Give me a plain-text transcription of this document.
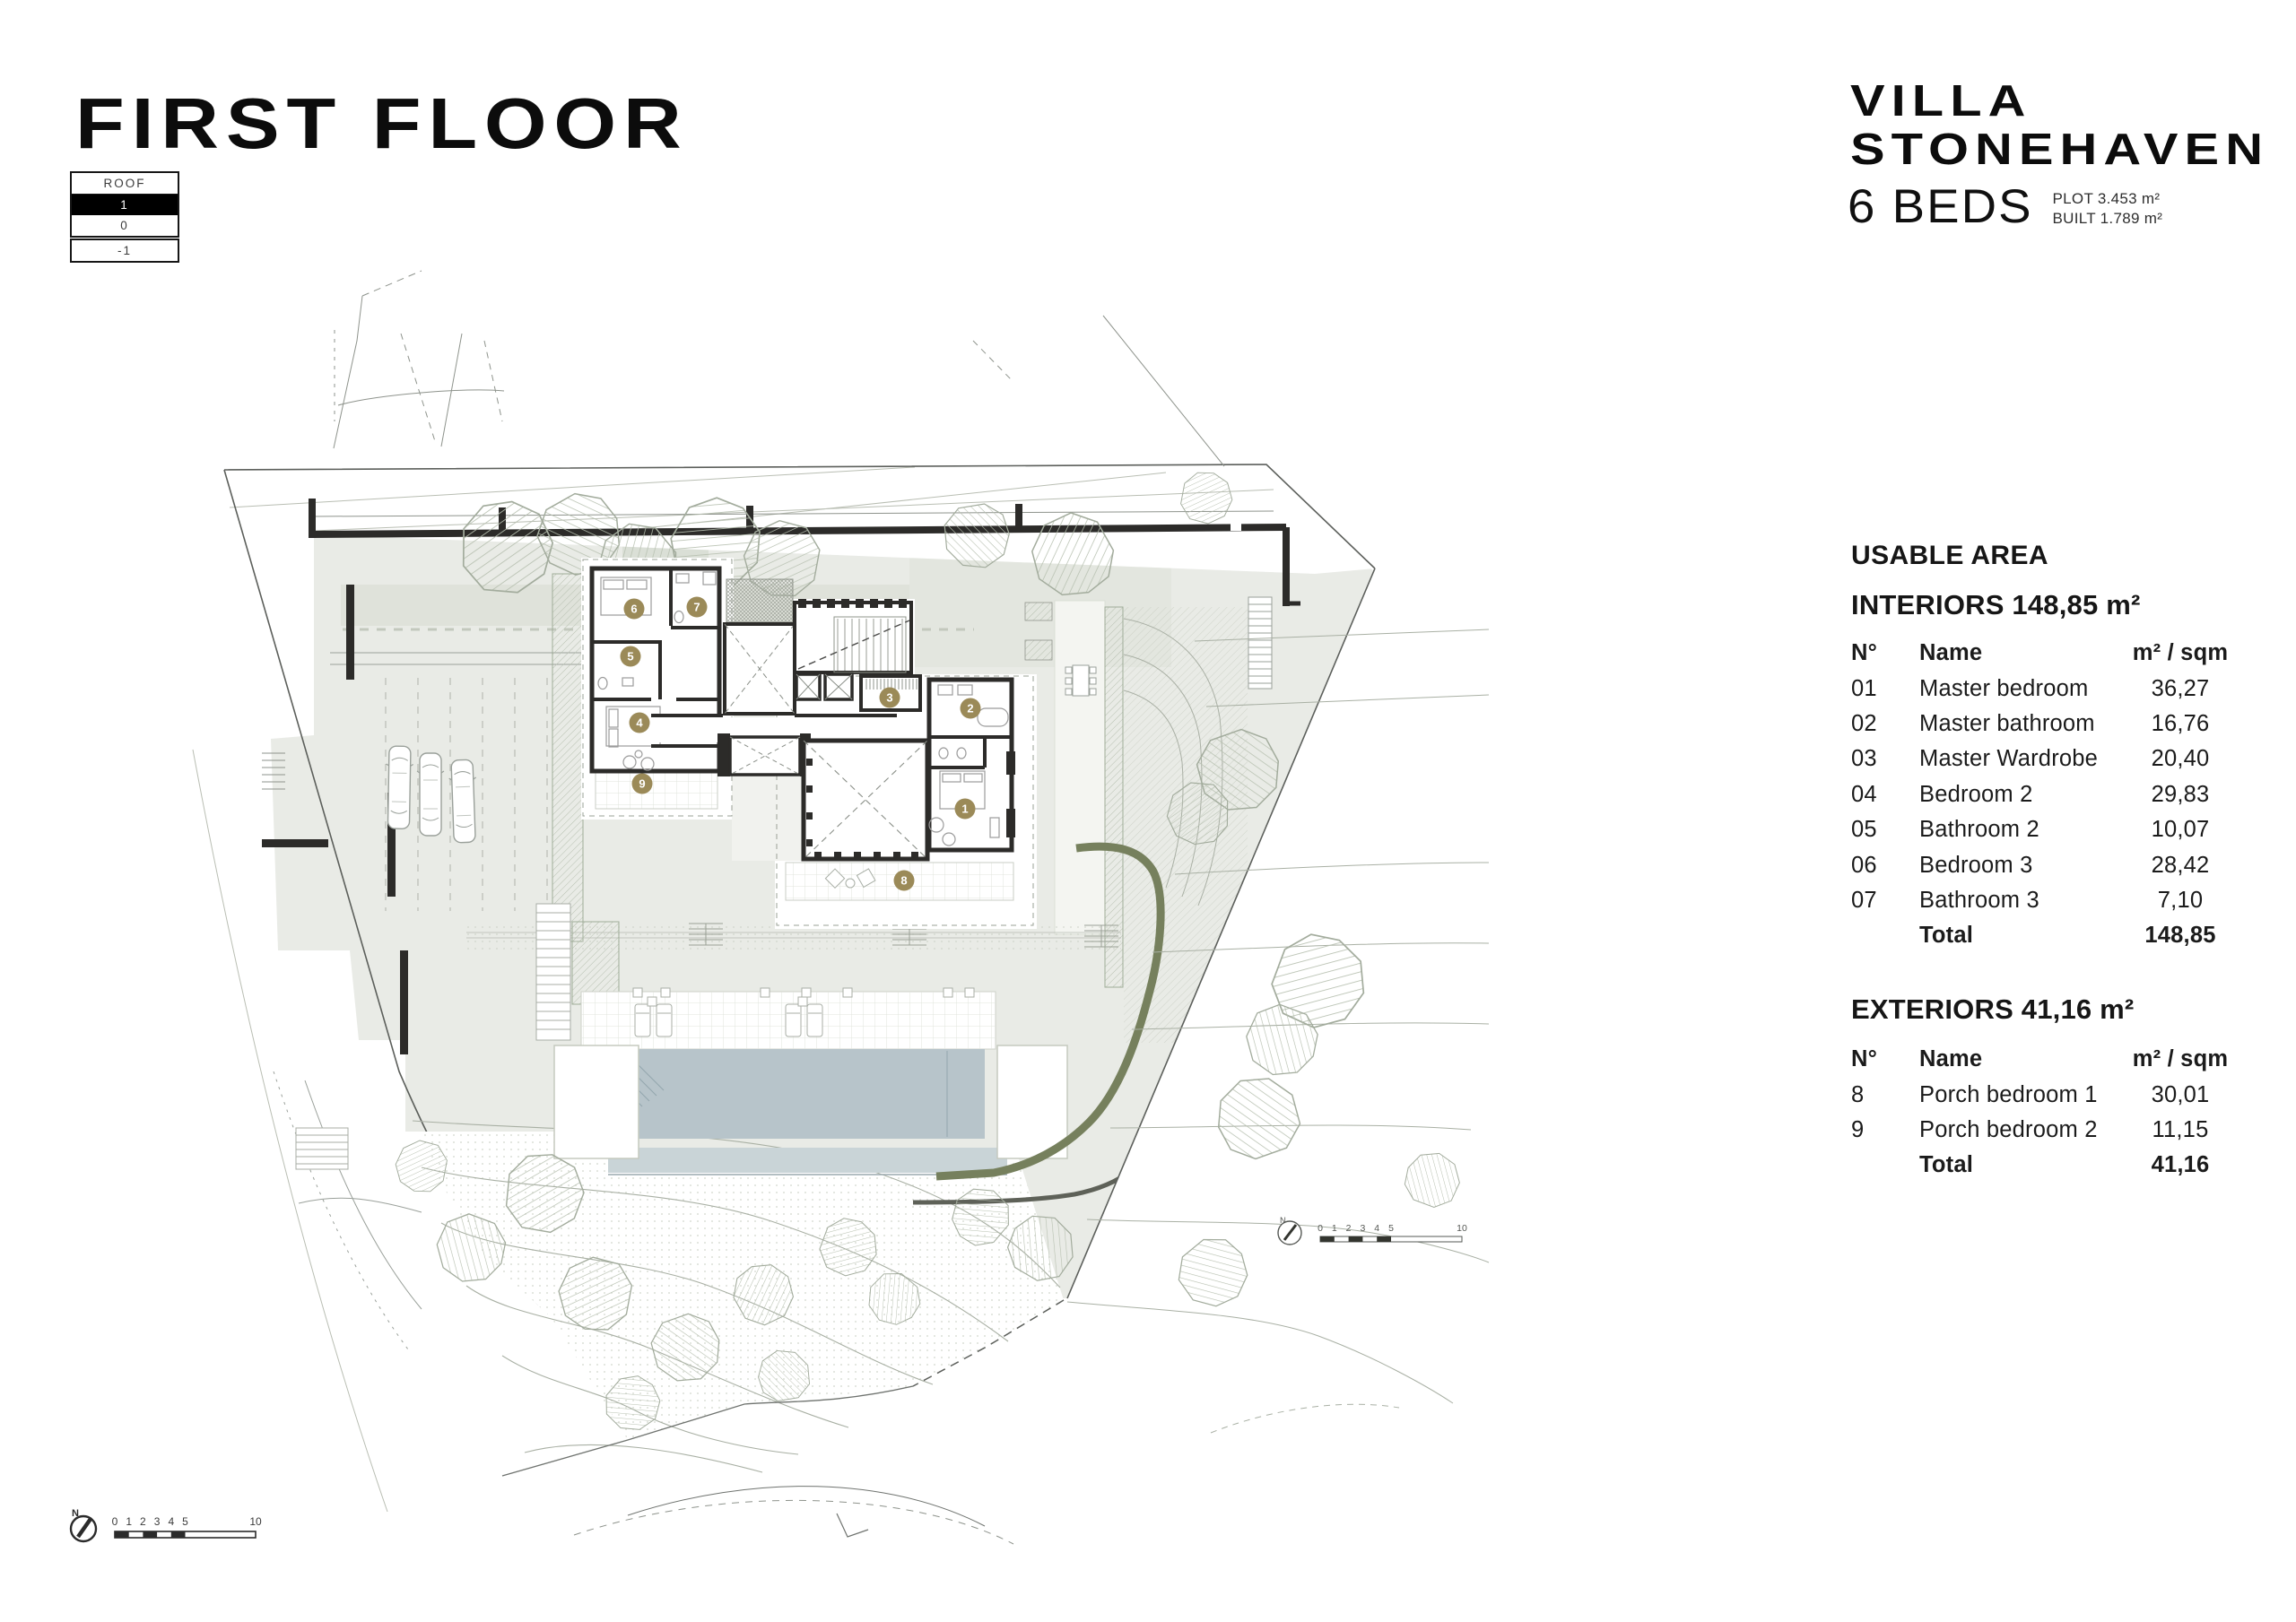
1
2
3
4
5
6	7
8
9
N
0 1 2 3 4 5	10
N
0 1 2 3 4 5	10
FIRST FLOOR
ROOF
1
0
-1
VILLA
STONEHAVEN
6 BEDS PLOT 3.453 m²
BUILT 1.789 m²
USABLE AREA
INTERIORS 148,85 m²
N°	Name	m² / sqm
01	Master bedroom	36,27
02	Master bathroom	16,76
03	Master Wardrobe	20,40
04	Bedroom 2	29,83
05	Bathroom 2	10,07
06	Bedroom 3	28,42
07	Bathroom 3	7,10
Total	148,85
EXTERIORS 41,16 m²
N°	Name	m² / sqm
8	Porch bedroom 1	30,01
9	Porch bedroom 2	11,15
Total	41,16
